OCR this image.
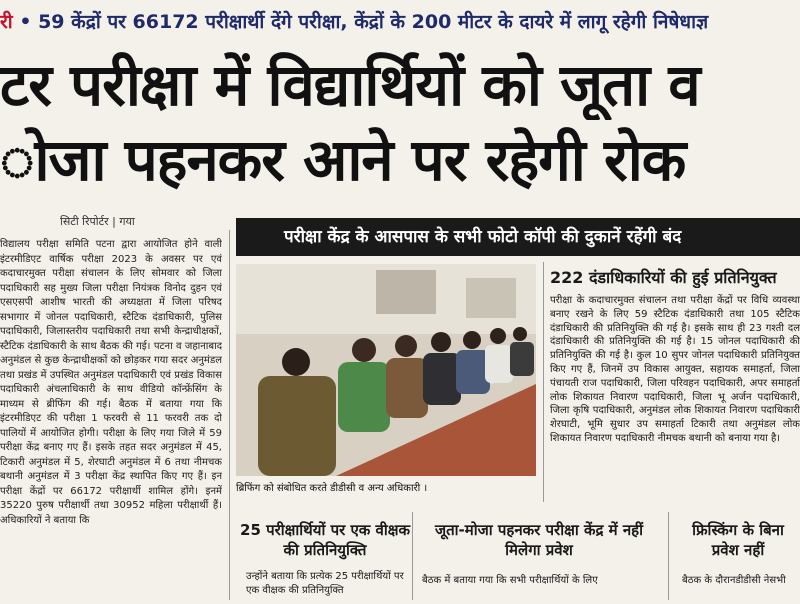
री • 59 केंद्रों पर 66172 परीक्षार्थी देंगे परीक्षा, केंद्रों के 200 मीटर के दायरे में लागू रहेगी निषेधाज्ञ
टर परीक्षा में विद्यार्थियों को जूता व
ोजा पहनकर आने पर रहेगी रोक
सिटी रिपोर्टर | गया
विद्यालय परीक्षा समिति पटना द्वारा आयोजित होने वाली इंटरमीडिएट वार्षिक परीक्षा 2023 के अवसर पर एवं कदाचारमुक्त परीक्षा संचालन के लिए सोमवार को जिला पदाधिकारी सह मुख्य जिला परीक्षा नियंत्रक विनोद दुहन एवं एसएसपी आशीष भारती की अध्यक्षता में जिला परिषद सभागार में जोनल पदाधिकारी, स्टैटिक दंडाधिकारी, पुलिस पदाधिकारी, जिलास्तरीय पदाधिकारी तथा सभी केन्द्राधीक्षकों, स्टैटिक दंडाधिकारी के साथ बैठक की गई। पटना व जहानाबाद अनुमंडल से कुछ केन्द्राधीक्षकों को छोड़कर गया सदर अनुमंडल तथा प्रखंड में उपस्थित अनुमंडल पदाधिकारी एवं प्रखंड विकास पदाधिकारी अंचलाधिकारी के साथ वीडियो कॉन्फ्रेंसिंग के माध्यम से ब्रीफिंग की गई। बैठक में बताया गया कि इंटरमीडिएट की परीक्षा 1 फरवरी से 11 फरवरी तक दो पालियों में आयोजित होगी। परीक्षा के लिए गया जिले में 59 परीक्षा केंद्र बनाए गए हैं। इसके तहत सदर अनुमंडल में 45, टिकारी अनुमंडल में 5, शेरघाटी अनुमंडल में 6 तथा नीमचक बथानी अनुमंडल में 3 परीक्षा केंद्र स्थापित किए गए हैं। इन परीक्षा केंद्रों पर 66172 परीक्षार्थी शामिल होंगे। इनमें 35220 पुरुष परीक्षार्थी तथा 30952 महिला परीक्षार्थी हैं। अधिकारियों ने बताया कि
परीक्षा केंद्र के आसपास के सभी फोटो कॉपी की दुकानें रहेंगी बंद
ब्रिफिंग को संबोधित करते डीडीसी व अन्य अधिकारी ।
222 दंडाधिकारियों की हुई प्रतिनियुक्त
परीक्षा के कदाचारमुक्त संचालन तथा परीक्षा केंद्रों पर विधि व्यवस्था बनाए रखने के लिए 59 स्टैटिक दंडाधिकारी तथा 105 स्टैटिक दंडाधिकारी की प्रतिनियुक्ति की गई है। इसके साथ ही 23 गश्ती दल दंडाधिकारी की प्रतिनियुक्ति की गई है। 15 जोनल पदाधिकारी की प्रतिनियुक्ति की गई है। कुल 10 सुपर जोनल पदाधिकारी प्रतिनियुक्त किए गए हैं, जिनमें उप विकास आयुक्त, सहायक समाहर्ता, जिला पंचायती राज पदाधिकारी, जिला परिवहन पदाधिकारी, अपर समाहर्ता लोक शिकायत निवारण पदाधिकारी, जिला भू अर्जन पदाधिकारी, जिला कृषि पदाधिकारी, अनुमंडल लोक शिकायत निवारण पदाधिकारी शेरघाटी, भूमि सुधार उप समाहर्ता टिकारी तथा अनुमंडल लोक शिकायत निवारण पदाधिकारी नीमचक बथानी को बनाया गया है।
25 परीक्षार्थियों पर एक वीक्षक की प्रतिनियुक्ति
जूता-मोजा पहनकर परीक्षा केंद्र में नहीं मिलेगा प्रवेश
फ्रिस्किंग के बिना प्रवेश नहीं
उन्होंने बताया कि प्रत्येक 25 परीक्षार्थियों पर एक वीक्षक की प्रतिनियुक्ति
बैठक में बताया गया कि सभी परीक्षार्थियों के लिए	बैठक के दौरानडीडीसी नेसभी
